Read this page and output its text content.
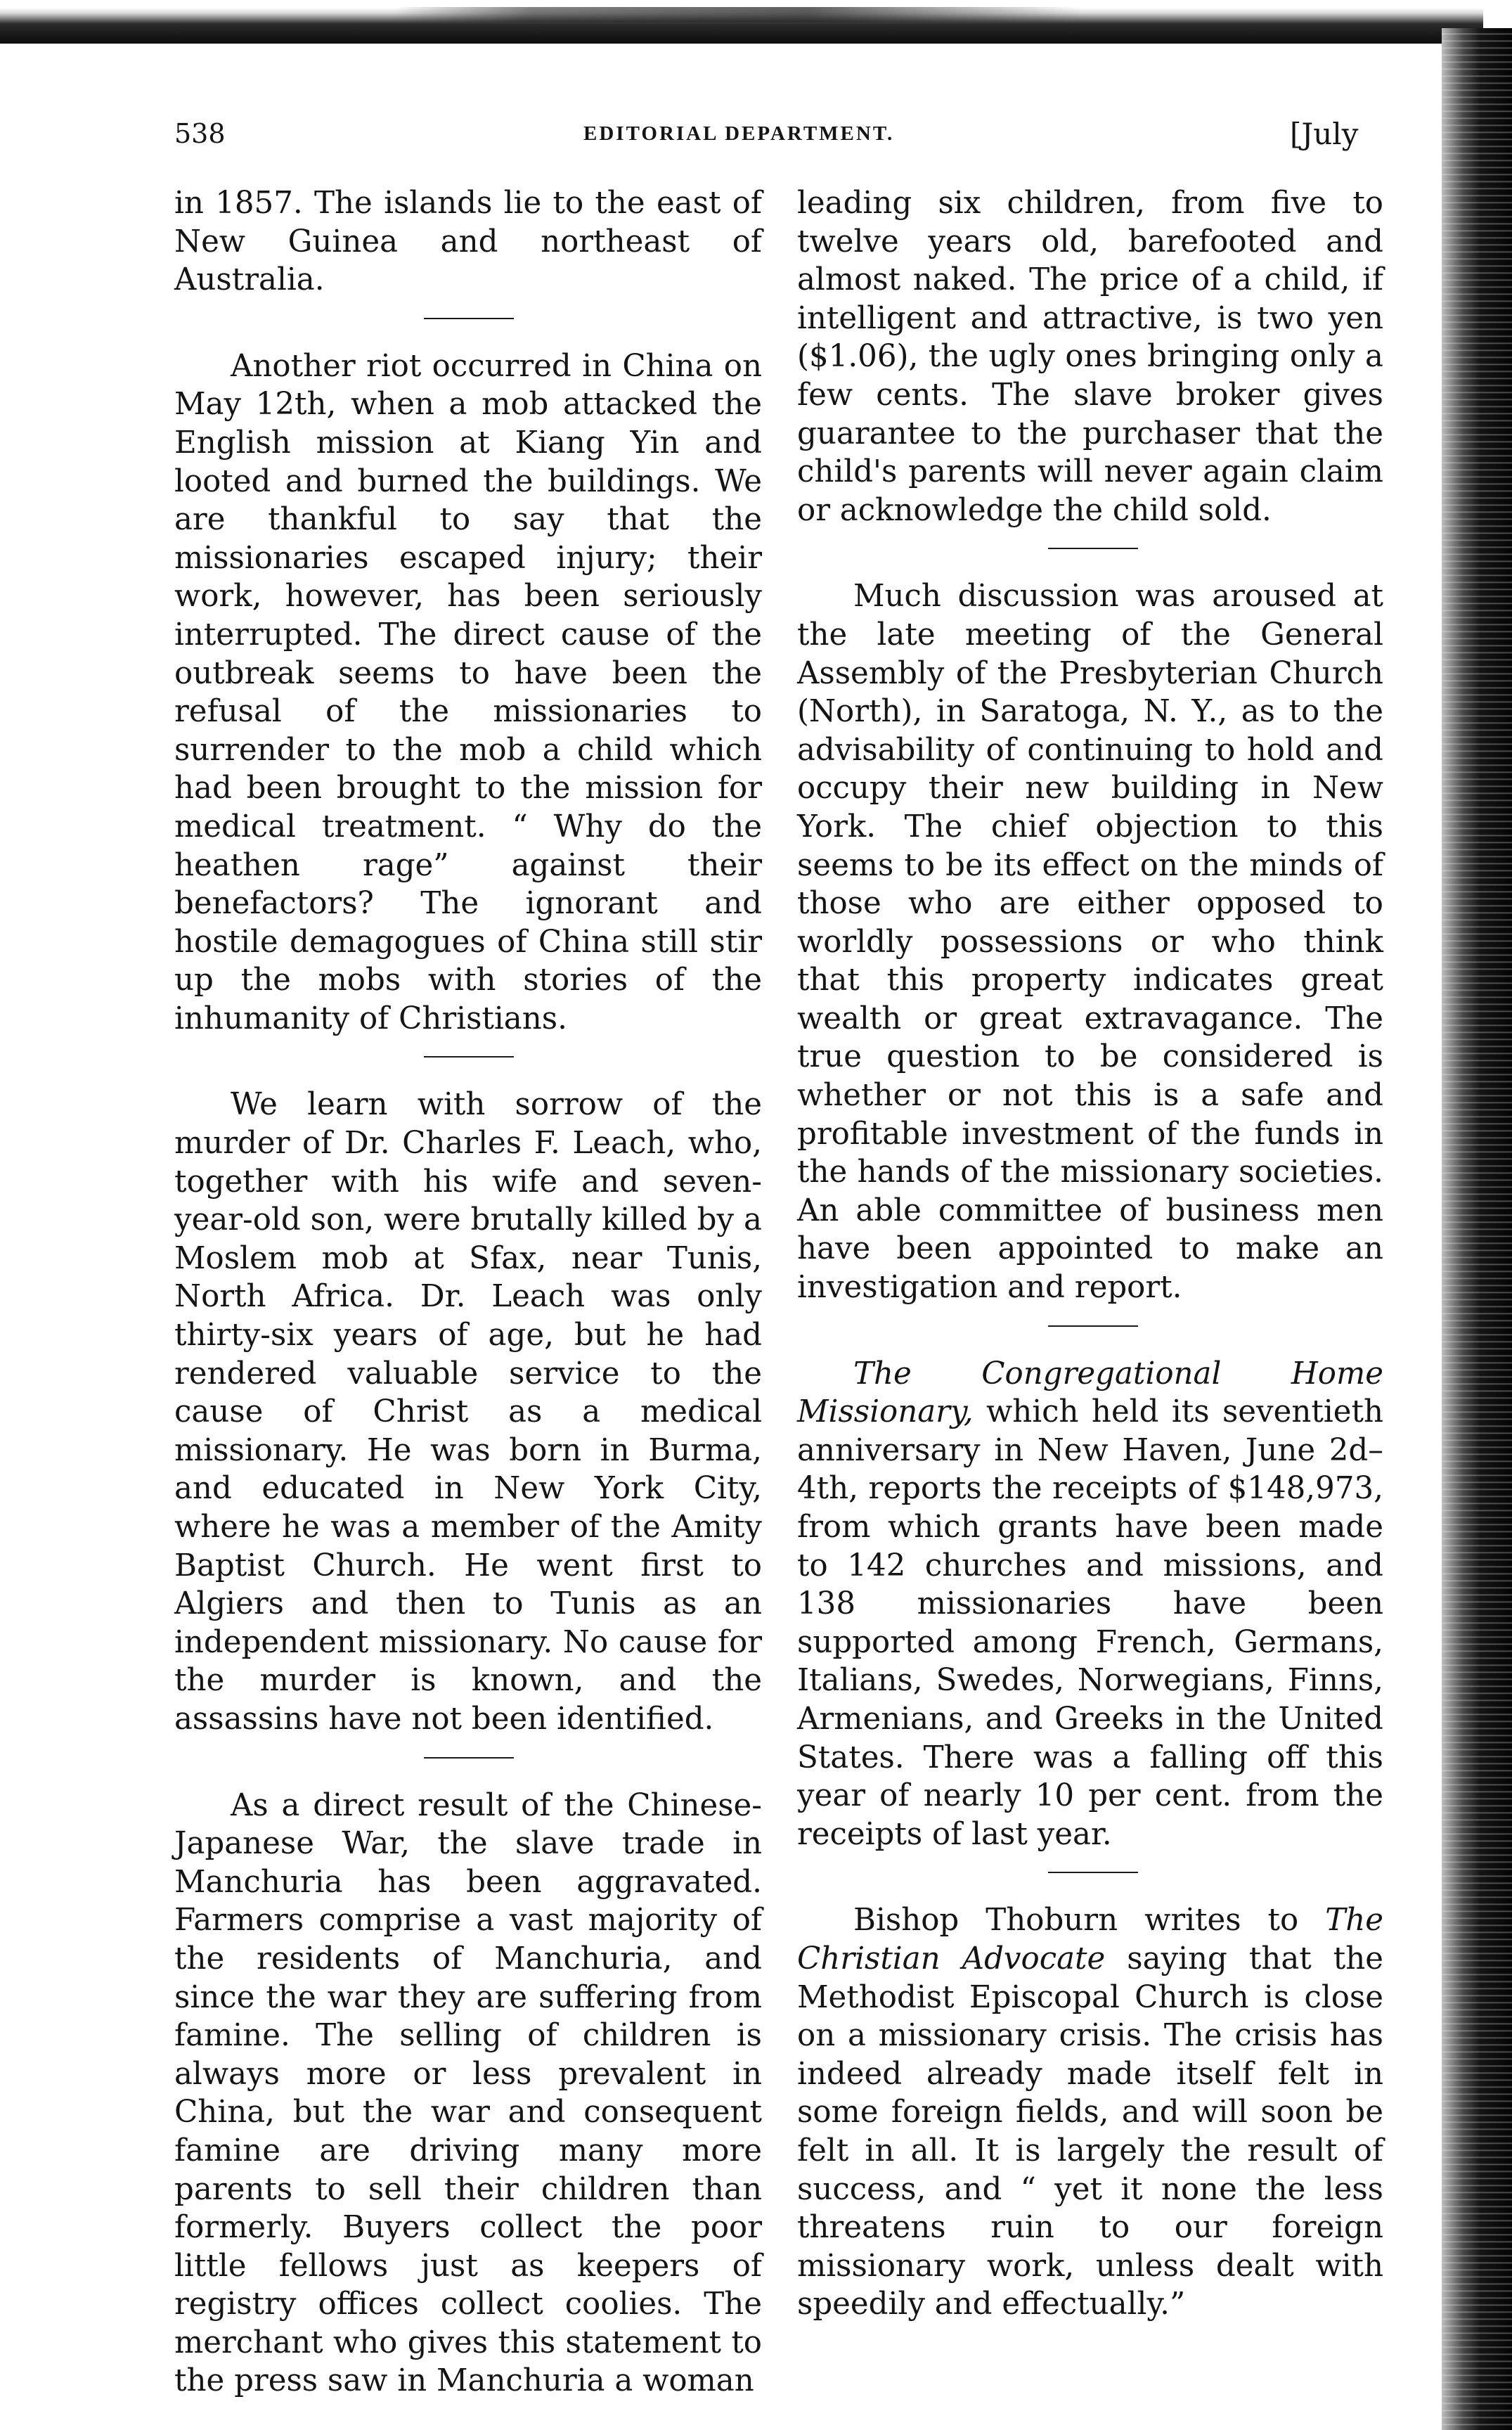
538	EDITORIAL DEPARTMENT.	[July

in 1857. The islands lie to the east of New Guinea and northeast of Australia.

Another riot occurred in China on May 12th, when a mob attacked the English mission at Kiang Yin and looted and burned the buildings. We are thankful to say that the missionaries escaped injury; their work, however, has been seriously interrupted. The direct cause of the outbreak seems to have been the refusal of the missionaries to surrender to the mob a child which had been brought to the mission for medical treatment. “ Why do the heathen rage” against their benefactors? The ignorant and hostile demagogues of China still stir up the mobs with stories of the inhumanity of Christians.

We learn with sorrow of the murder of Dr. Charles F. Leach, who, together with his wife and seven-year-old son, were brutally killed by a Moslem mob at Sfax, near Tunis, North Africa. Dr. Leach was only thirty-six years of age, but he had rendered valuable service to the cause of Christ as a medical missionary. He was born in Burma, and educated in New York City, where he was a member of the Amity Baptist Church. He went first to Algiers and then to Tunis as an independent missionary. No cause for the murder is known, and the assassins have not been identified.

As a direct result of the Chinese-Japanese War, the slave trade in Manchuria has been aggravated. Farmers comprise a vast majority of the residents of Manchuria, and since the war they are suffering from famine. The selling of children is always more or less prevalent in China, but the war and consequent famine are driving many more parents to sell their children than formerly. Buyers collect the poor little fellows just as keepers of registry offices collect coolies. The merchant who gives this statement to the press saw in Manchuria a woman

leading six children, from five to twelve years old, barefooted and almost naked. The price of a child, if intelligent and attractive, is two yen ($1.06), the ugly ones bringing only a few cents. The slave broker gives guarantee to the purchaser that the child's parents will never again claim or acknowledge the child sold.

Much discussion was aroused at the late meeting of the General Assembly of the Presbyterian Church (North), in Saratoga, N. Y., as to the advisability of continuing to hold and occupy their new building in New York. The chief objection to this seems to be its effect on the minds of those who are either opposed to worldly possessions or who think that this property indicates great wealth or great extravagance. The true question to be considered is whether or not this is a safe and profitable investment of the funds in the hands of the missionary societies. An able committee of business men have been appointed to make an investigation and report.

The Congregational Home Missionary, which held its seventieth anniversary in New Haven, June 2d–4th, reports the receipts of $148,973, from which grants have been made to 142 churches and missions, and 138 missionaries have been supported among French, Germans, Italians, Swedes, Norwegians, Finns, Armenians, and Greeks in the United States. There was a falling off this year of nearly 10 per cent. from the receipts of last year.

Bishop Thoburn writes to The Christian Advocate saying that the Methodist Episcopal Church is close on a missionary crisis. The crisis has indeed already made itself felt in some foreign fields, and will soon be felt in all. It is largely the result of success, and “ yet it none the less threatens ruin to our foreign missionary work, unless dealt with speedily and effectually.”
